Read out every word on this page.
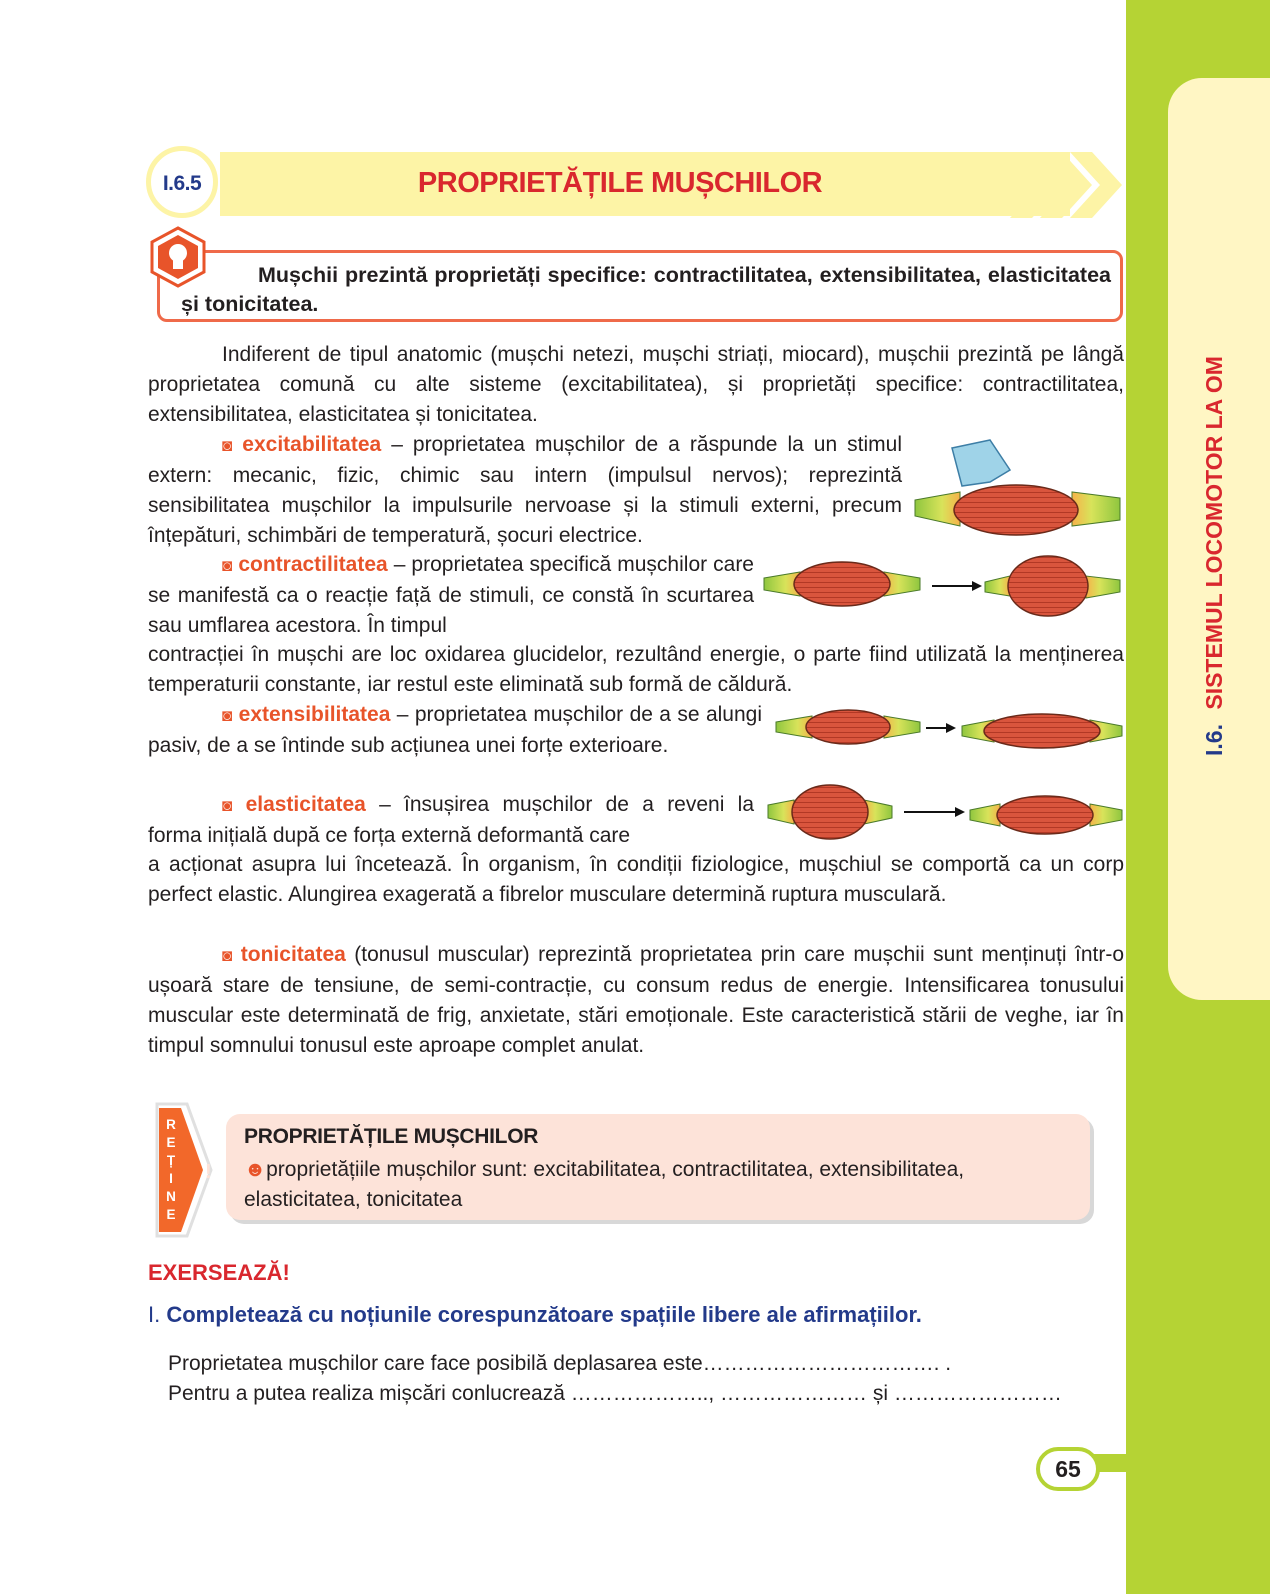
I.6. SISTEMUL LOCOMOTOR LA OM
I.6.5	PROPRIETĂȚILE MUȘCHILOR
Mușchii prezintă proprietăți specifice: contractilitatea, extensibilitatea, elasticitatea și tonicitatea.
Indiferent de tipul anatomic (mușchi netezi, mușchi striați, miocard), mușchii prezintă pe lângă proprietatea comună cu alte sisteme (excitabilitatea), și proprietăți specifice: contractilitatea, extensibilitatea, elasticitatea și tonicitatea.
◙ excitabilitatea – proprietatea mușchilor de a răspunde la un stimul extern: mecanic, fizic, chimic sau intern (impulsul nervos); reprezintă sensibilitatea mușchilor la impulsurile nervoase și la stimuli externi, precum înțepături, schimbări de temperatură, șocuri electrice.
◙ contractilitatea – proprietatea specifică mușchilor care se manifestă ca o reacție față de stimuli, ce constă în scurtarea sau umflarea acestora. În timpul
contracției în mușchi are loc oxidarea glucidelor, rezultând energie, o parte fiind utilizată la menținerea temperaturii constante, iar restul este eliminată sub formă de căldură.
◙ extensibilitatea – proprietatea mușchilor de a se alungi pasiv, de a se întinde sub acțiunea unei forțe exterioare.
◙ elasticitatea – însușirea mușchilor de a reveni la forma inițială după ce forța externă deformantă care
a acționat asupra lui încetează. În organism, în condiții fiziologice, mușchiul se comportă ca un corp perfect elastic. Alungirea exagerată a fibrelor musculare determină ruptura musculară.
◙ tonicitatea (tonusul muscular) reprezintă proprietatea prin care mușchii sunt menținuți într-o ușoară stare de tensiune, de semi-contracție, cu consum redus de energie. Intensificarea tonusului muscular este determinată de frig, anxietate, stări emoționale. Este caracteristică stării de veghe, iar în timpul somnului tonusul este aproape complet anulat.
!
R
E
Ț
I
N
E
PROPRIETĂȚILE MUȘCHILOR
☻proprietățiile mușchilor sunt: excitabilitatea, contractilitatea, extensibilitatea, elasticitatea, tonicitatea
EXERSEAZĂ!
I. Completează cu noțiunile corespunzătoare spațiile libere ale afirmațiilor.
Proprietatea mușchilor care face posibilă deplasarea este……………………………. .
Pentru a putea realiza mișcări conlucrează ……………….., ………………… și ……………………
65
